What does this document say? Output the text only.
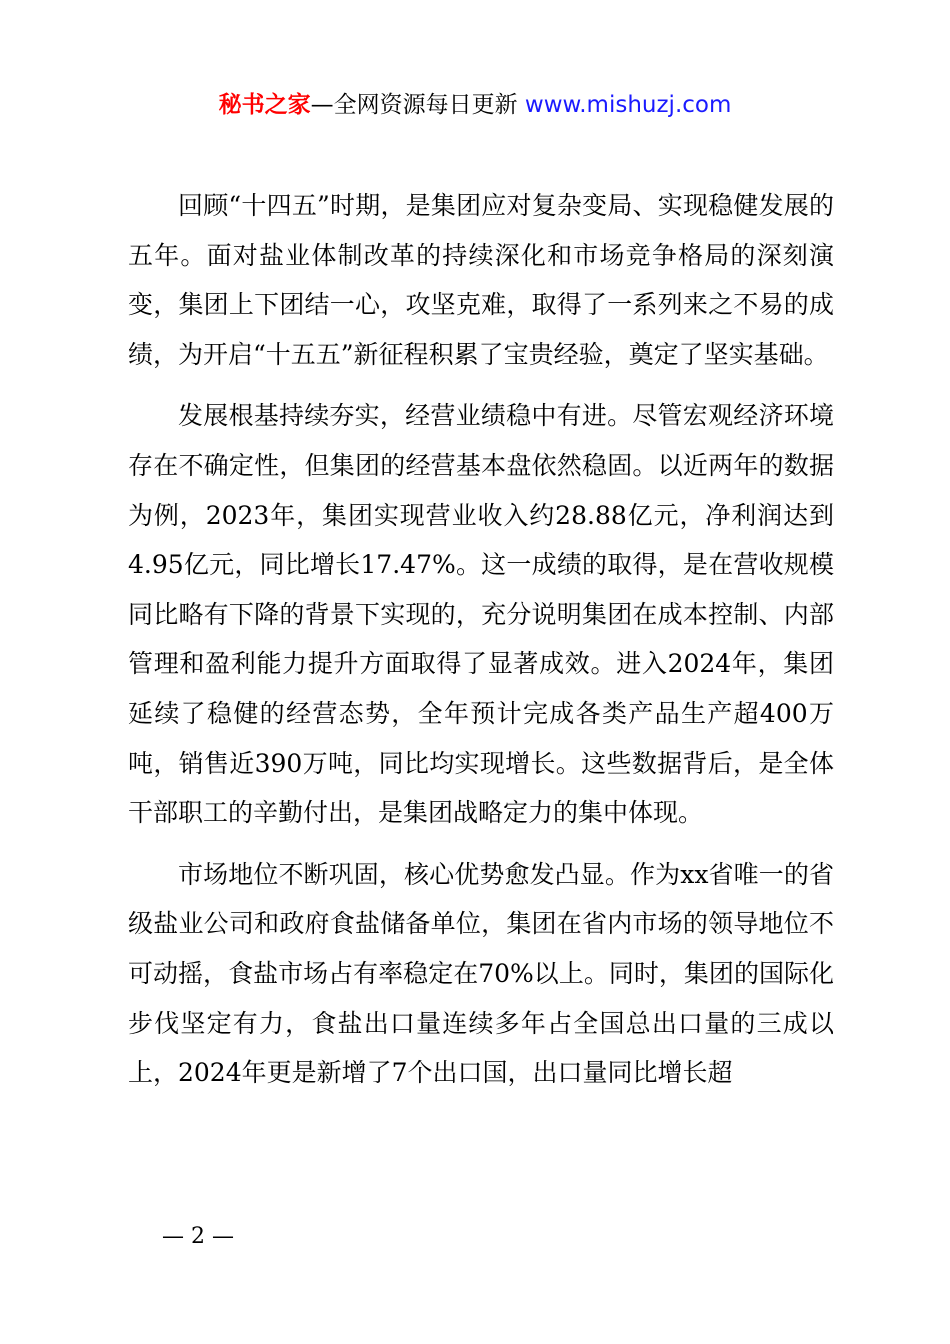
秘书之家—全网资源每日更新 www.mishuzj.com

回顾“十四五”时期，是集团应对复杂变局、实现稳健发展的五年。面对盐业体制改革的持续深化和市场竞争格局的深刻演变，集团上下团结一心，攻坚克难，取得了一系列来之不易的成绩，为开启“十五五”新征程积累了宝贵经验，奠定了坚实基础。

发展根基持续夯实，经营业绩稳中有进。尽管宏观经济环境存在不确定性，但集团的经营基本盘依然稳固。以近两年的数据为例，2023年，集团实现营业收入约28.88亿元，净利润达到4.95亿元，同比增长17.47%。这一成绩的取得，是在营收规模同比略有下降的背景下实现的，充分说明集团在成本控制、内部管理和盈利能力提升方面取得了显著成效。进入2024年，集团延续了稳健的经营态势，全年预计完成各类产品生产超400万吨，销售近390万吨，同比均实现增长。这些数据背后，是全体干部职工的辛勤付出，是集团战略定力的集中体现。

市场地位不断巩固，核心优势愈发凸显。作为xx省唯一的省级盐业公司和政府食盐储备单位，集团在省内市场的领导地位不可动摇，食盐市场占有率稳定在70%以上。同时，集团的国际化步伐坚定有力，食盐出口量连续多年占全国总出口量的三成以上，2024年更是新增了7个出口国，出口量同比增长超

— 2 —
